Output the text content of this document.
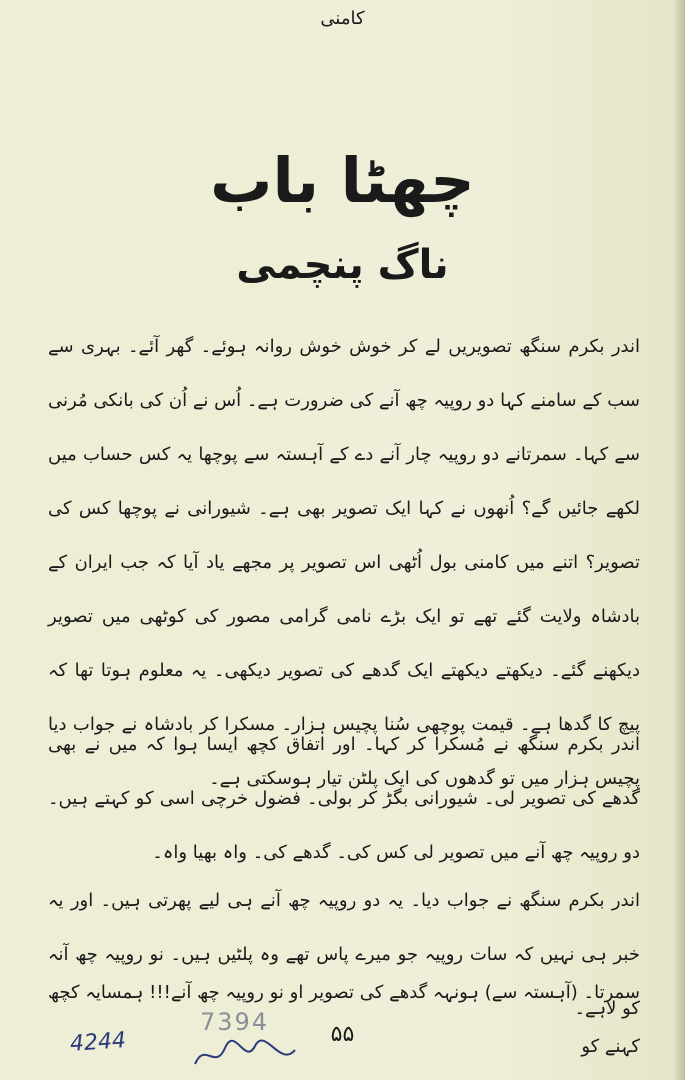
کامنی
چھٹا باب
ناگ پنچمی

اندر بکرم سنگھ تصویریں لے کر خوش خوش روانہ ہوئے۔ گھر آئے۔ بہری سے سب کے سامنے کہا دو روپیہ چھ آنے کی ضرورت ہے۔ اُس نے اُن کی بانکی مُرنی سے کہا۔ سمرتانے دو روپیہ چار آنے دے کے آہستہ سے پوچھا یہ کس حساب میں لکھے جائیں گے؟ اُنھوں نے کہا ایک تصویر بھی ہے۔ شیورانی نے پوچھا کس کی تصویر؟ اتنے میں کامنی بول اُٹھی اس تصویر پر مجھے یاد آیا کہ جب ایران کے بادشاہ ولایت گئے تھے تو ایک بڑے نامی گرامی مصور کی کوٹھی میں تصویر دیکھنے گئے۔ دیکھتے دیکھتے ایک گدھے کی تصویر دیکھی۔ یہ معلوم ہوتا تھا کہ پیچ کا گدھا ہے۔ قیمت پوچھی سُنا پچیس ہزار۔ مسکرا کر بادشاہ نے جواب دیا پچیس ہزار میں تو گدھوں کی ایک پلٹن تیار ہوسکتی ہے۔

اندر بکرم سنگھ نے مُسکرا کر کہا۔ اور اتفاق کچھ ایسا ہوا کہ میں نے بھی گدھے کی تصویر لی۔ شیورانی بگڑ کر بولی۔ فضول خرچی اسی کو کہتے ہیں۔ دو روپیہ چھ آنے میں تصویر لی کس کی۔ گدھے کی۔ واہ بھیا واہ۔

اندر بکرم سنگھ نے جواب دیا۔ یہ دو روپیہ چھ آنے ہی لیے پھرتی ہیں۔ اور یہ خبر ہی نہیں کہ سات روپیہ جو میرے پاس تھے وہ پلٹیں ہیں۔ نو روپیہ چھ آنہ کو لاہے۔

سمرتا۔ (آہستہ سے) ہونہہ گدھے کی تصویر او نو روپیہ چھ آنے!!! ہمسایہ کچھ کہنے کو

7394
4244	۵۵
